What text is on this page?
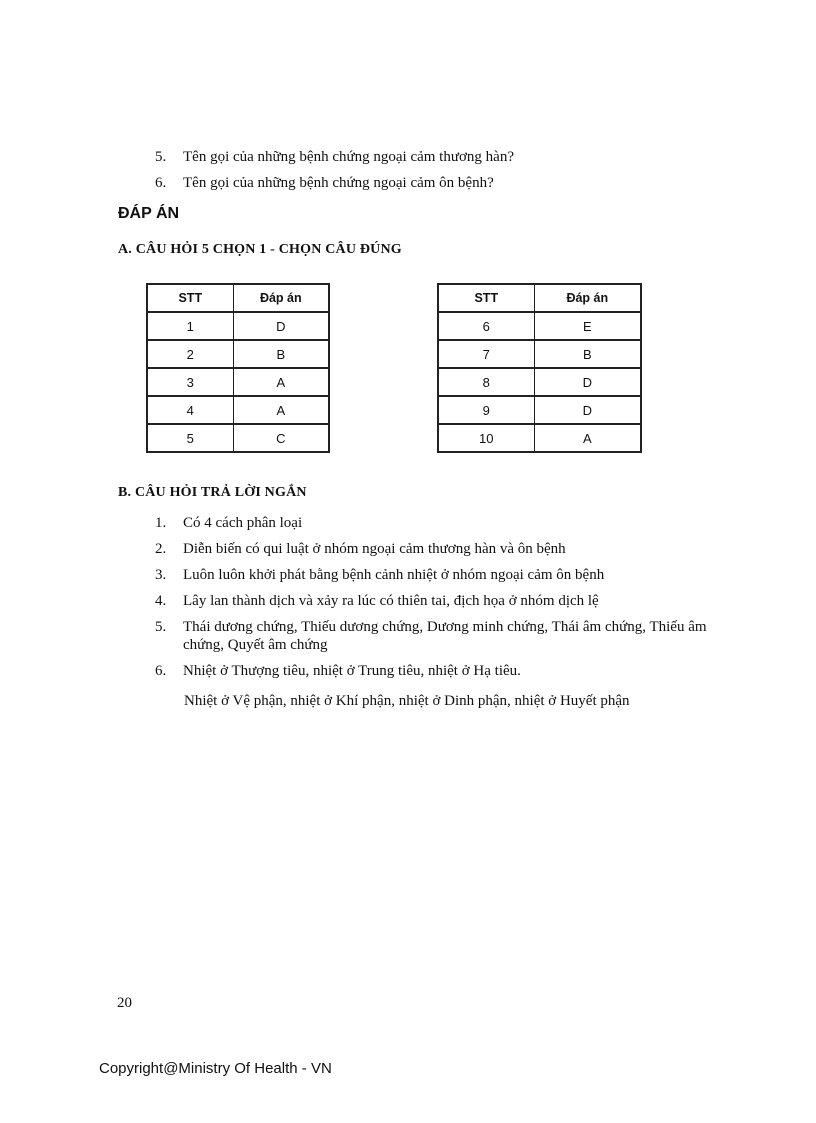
5.	Tên gọi của những bệnh chứng ngoại cảm thương hàn?
6.	Tên gọi của những bệnh chứng ngoại cảm ôn bệnh?
ĐÁP ÁN
A. CÂU HỎI 5 CHỌN 1 - CHỌN CÂU ĐÚNG
STT	Đáp án
1	D
2	B
3	A
4	A
5	C
STT	Đáp án
6	E
7	B
8	D
9	D
10	A
B. CÂU HỎI TRẢ LỜI NGẮN
1.	Có 4 cách phân loại
2.	Diễn biến có qui luật ở nhóm ngoại cảm thương hàn và ôn bệnh
3.	Luôn luôn khởi phát bằng bệnh cảnh nhiệt ở nhóm ngoại cảm ôn bệnh
4.	Lây lan thành dịch và xảy ra lúc có thiên tai, địch họa ở nhóm dịch lệ
5.	Thái dương chứng, Thiếu dương chứng, Dương minh chứng, Thái âm chứng, Thiếu âm chứng, Quyết âm chứng
6.	Nhiệt ở Thượng tiêu, nhiệt ở Trung tiêu, nhiệt ở Hạ tiêu.
Nhiệt ở Vệ phận, nhiệt ở Khí phận, nhiệt ở Dinh phận, nhiệt ở Huyết phận
20
Copyright@Ministry Of Health - VN
